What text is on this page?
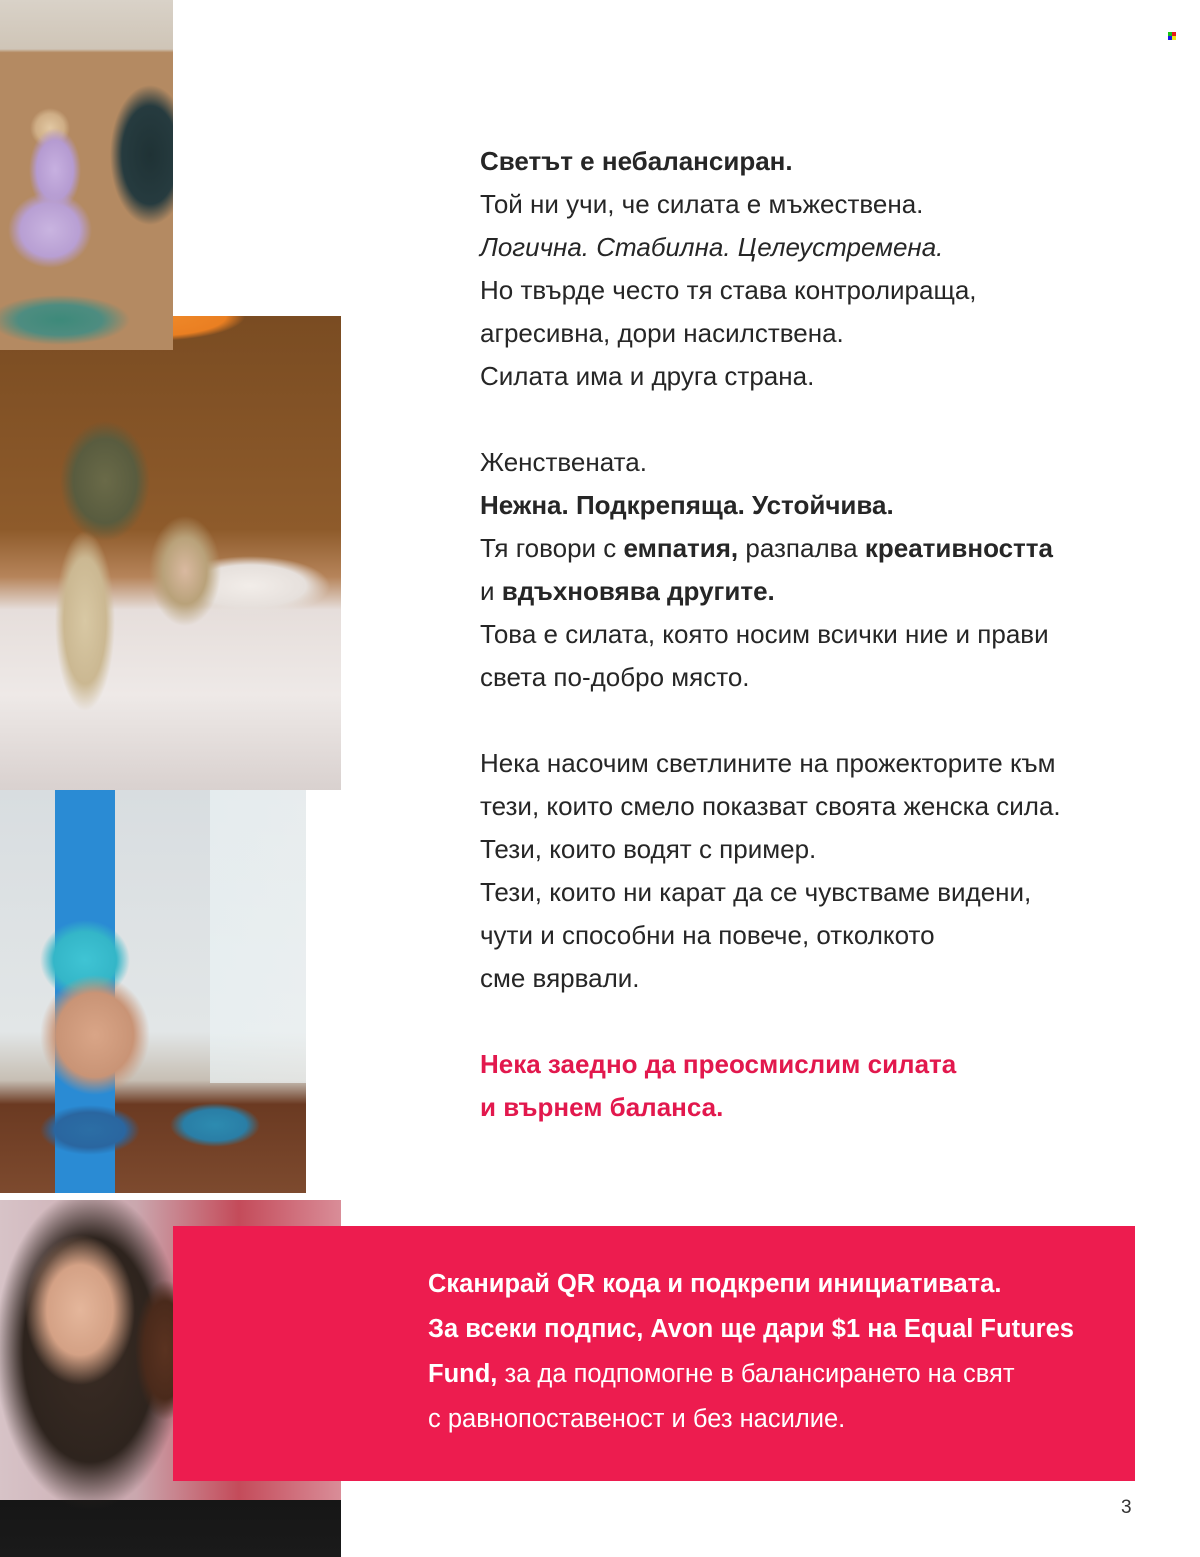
Светът е небалансиран.

Той ни учи, че силата е мъжествена.

Логична. Стабилна. Целеустремена.

Но твърде често тя става контролираща,

агресивна, дори насилствена.

Силата има и друга страна.

Женствената.

Нежна. Подкрепяща. Устойчива.

Тя говори с емпатия, разпалва креативността

и вдъхновява другите.

Това е силата, която носим всички ние и прави

света по-добро място.

Нека насочим светлините на прожекторите към

тези, които смело показват своята женска сила.

Тези, които водят с пример.

Тези, които ни карат да се чувстваме видени,

чути и способни на повече, отколкото

сме вярвали.

Нека заедно да преосмислим силата

и върнем баланса.

Сканирай QR кода и подкрепи инициативата.

За всеки подпис, Avon ще дари $1 на Equal Futures

Fund, за да подпомогне в балансирането на свят

с равнопоставеност и без насилие.

3
